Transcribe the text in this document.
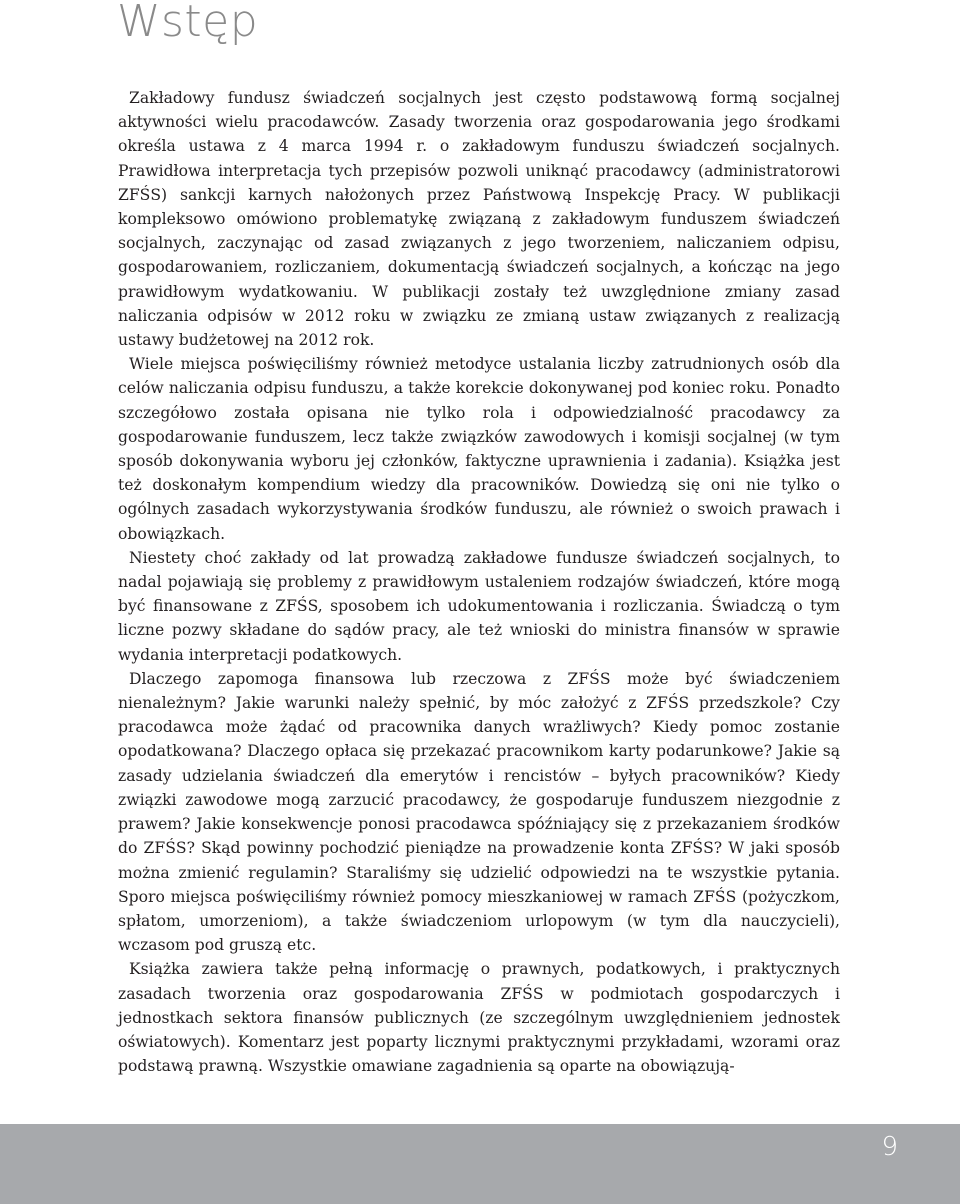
Wstęp

Zakładowy fundusz świadczeń socjalnych jest często podstawową formą socjalnej aktywności wielu pracodawców. Zasady tworzenia oraz gospodarowania jego środkami określa ustawa z 4 marca 1994 r. o zakładowym funduszu świadczeń socjalnych. Prawidłowa interpretacja tych przepisów pozwoli uniknąć pracodawcy (administratorowi ZFŚS) sankcji karnych nałożonych przez Państwową Inspekcję Pracy. W publikacji kompleksowo omówiono problematykę związaną z zakładowym funduszem świadczeń socjalnych, zaczynając od zasad związanych z jego tworzeniem, naliczaniem odpisu, gospodarowaniem, rozliczaniem, dokumentacją świadczeń socjalnych, a kończąc na jego prawidłowym wydatkowaniu. W publikacji zostały też uwzględnione zmiany zasad naliczania odpisów w 2012 roku w związku ze zmianą ustaw związanych z realizacją ustawy budżetowej na 2012 rok.

Wiele miejsca poświęciliśmy również metodyce ustalania liczby zatrudnionych osób dla celów naliczania odpisu funduszu, a także korekcie dokonywanej pod koniec roku. Ponadto szczegółowo została opisana nie tylko rola i odpowiedzialność pracodawcy za gospodarowanie funduszem, lecz także związków zawodowych i komisji socjalnej (w tym sposób dokonywania wyboru jej członków, faktyczne uprawnienia i zadania). Książka jest też doskonałym kompendium wiedzy dla pracowników. Dowiedzą się oni nie tylko o ogólnych zasadach wykorzystywania środków funduszu, ale również o swoich prawach i obowiązkach.

Niestety choć zakłady od lat prowadzą zakładowe fundusze świadczeń socjalnych, to nadal pojawiają się problemy z prawidłowym ustaleniem rodzajów świadczeń, które mogą być finansowane z ZFŚS, sposobem ich udokumentowania i rozliczania. Świadczą o tym liczne pozwy składane do sądów pracy, ale też wnioski do ministra finansów w sprawie wydania interpretacji podatkowych.

Dlaczego zapomoga finansowa lub rzeczowa z ZFŚS może być świadczeniem nienależnym? Jakie warunki należy spełnić, by móc założyć z ZFŚS przedszkole? Czy pracodawca może żądać od pracownika danych wrażliwych? Kiedy pomoc zostanie opodatkowana? Dlaczego opłaca się przekazać pracownikom karty podarunkowe? Jakie są zasady udzielania świadczeń dla emerytów i rencistów – byłych pracowników? Kiedy związki zawodowe mogą zarzucić pracodawcy, że gospodaruje funduszem niezgodnie z prawem? Jakie konsekwencje ponosi pracodawca spóźniający się z przekazaniem środków do ZFŚS? Skąd powinny pochodzić pieniądze na prowadzenie konta ZFŚS? W jaki sposób można zmienić regulamin? Staraliśmy się udzielić odpowiedzi na te wszystkie pytania. Sporo miejsca poświęciliśmy również pomocy mieszkaniowej w ramach ZFŚS (pożyczkom, spłatom, umorzeniom), a także świadczeniom urlopowym (w tym dla nauczycieli), wczasom pod gruszą etc.

Książka zawiera także pełną informację o prawnych, podatkowych, i praktycznych zasadach tworzenia oraz gospodarowania ZFŚS w podmiotach gospodarczych i jednostkach sektora finansów publicznych (ze szczególnym uwzględnieniem jednostek oświatowych). Komentarz jest poparty licznymi praktycznymi przykładami, wzorami oraz podstawą prawną. Wszystkie omawiane zagadnienia są oparte na obowiązują-

9
